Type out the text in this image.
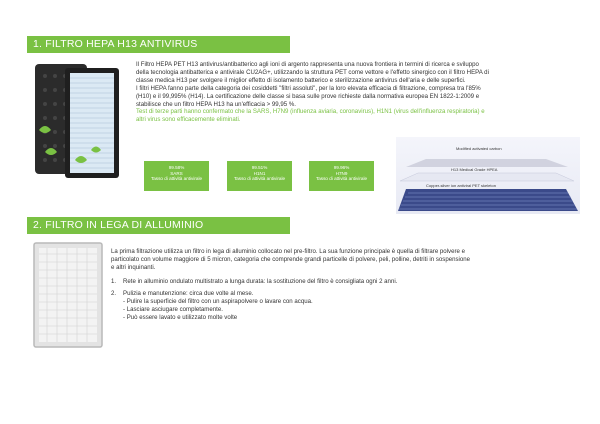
1. FILTRO HEPA H13 ANTIVIRUS
Il Filtro HEPA PET H13 antivirus/antibatterico agli ioni di argento rappresenta una nuova frontiera in termini di ricerca e sviluppo
della tecnologia antibatterica e antivirale CU2AG+, utilizzando la struttura PET come vettore e l'effetto sinergico con il filtro HEPA di
classe medica H13 per svolgere il miglior effetto di isolamento batterico e sterilizzazione antivirus dell'aria e delle superfici.
I filtri HEPA fanno parte della categoria dei cosiddetti "filtri assoluti", per la loro elevata efficacia di filtrazione, compresa tra l'85%
(H10) e il 99,995% (H14). La certificazione delle classe si basa sulle prove richieste dalla normativa europea EN 1822-1:2009 e
stabilisce che un filtro HEPA H13 ha un'efficacia > 99,95 %.
Test di terze parti hanno confermato che la SARS, H7N9 (influenza aviaria, coronavirus), H1N1 (virus dell'influenza respiratoria) e
altri virus sono efficacemente eliminati.
99.58%
SARS
Tasso di attività antivirale
99.51%
H1N1
Tasso di attività antivirale
99.96%
H7N9
Tasso di attività antivirale
Modified activated carbon
H13 Medical Grade HPEA
Copper-silver ion antiviral PET skeleton
2. FILTRO IN LEGA DI ALLUMINIO
La prima filtrazione utilizza un filtro in lega di alluminio collocato nel pre-filtro. La sua funzione principale è quella di filtrare polvere e
particolato con volume maggiore di 5 micron, categoria che comprende grandi particelle di polvere, peli, polline, detriti in sospensione
e altri inquinanti.
1. Rete in alluminio ondulato multistrato a lunga durata: la sostituzione del filtro è consigliata ogni 2 anni.
2. Pulizia e manutenzione: circa due volte al mese.
- Pulire la superficie del filtro con un aspirapolvere o lavare con acqua.
- Lasciare asciugare completamente.
- Può essere lavato e utilizzato molte volte
